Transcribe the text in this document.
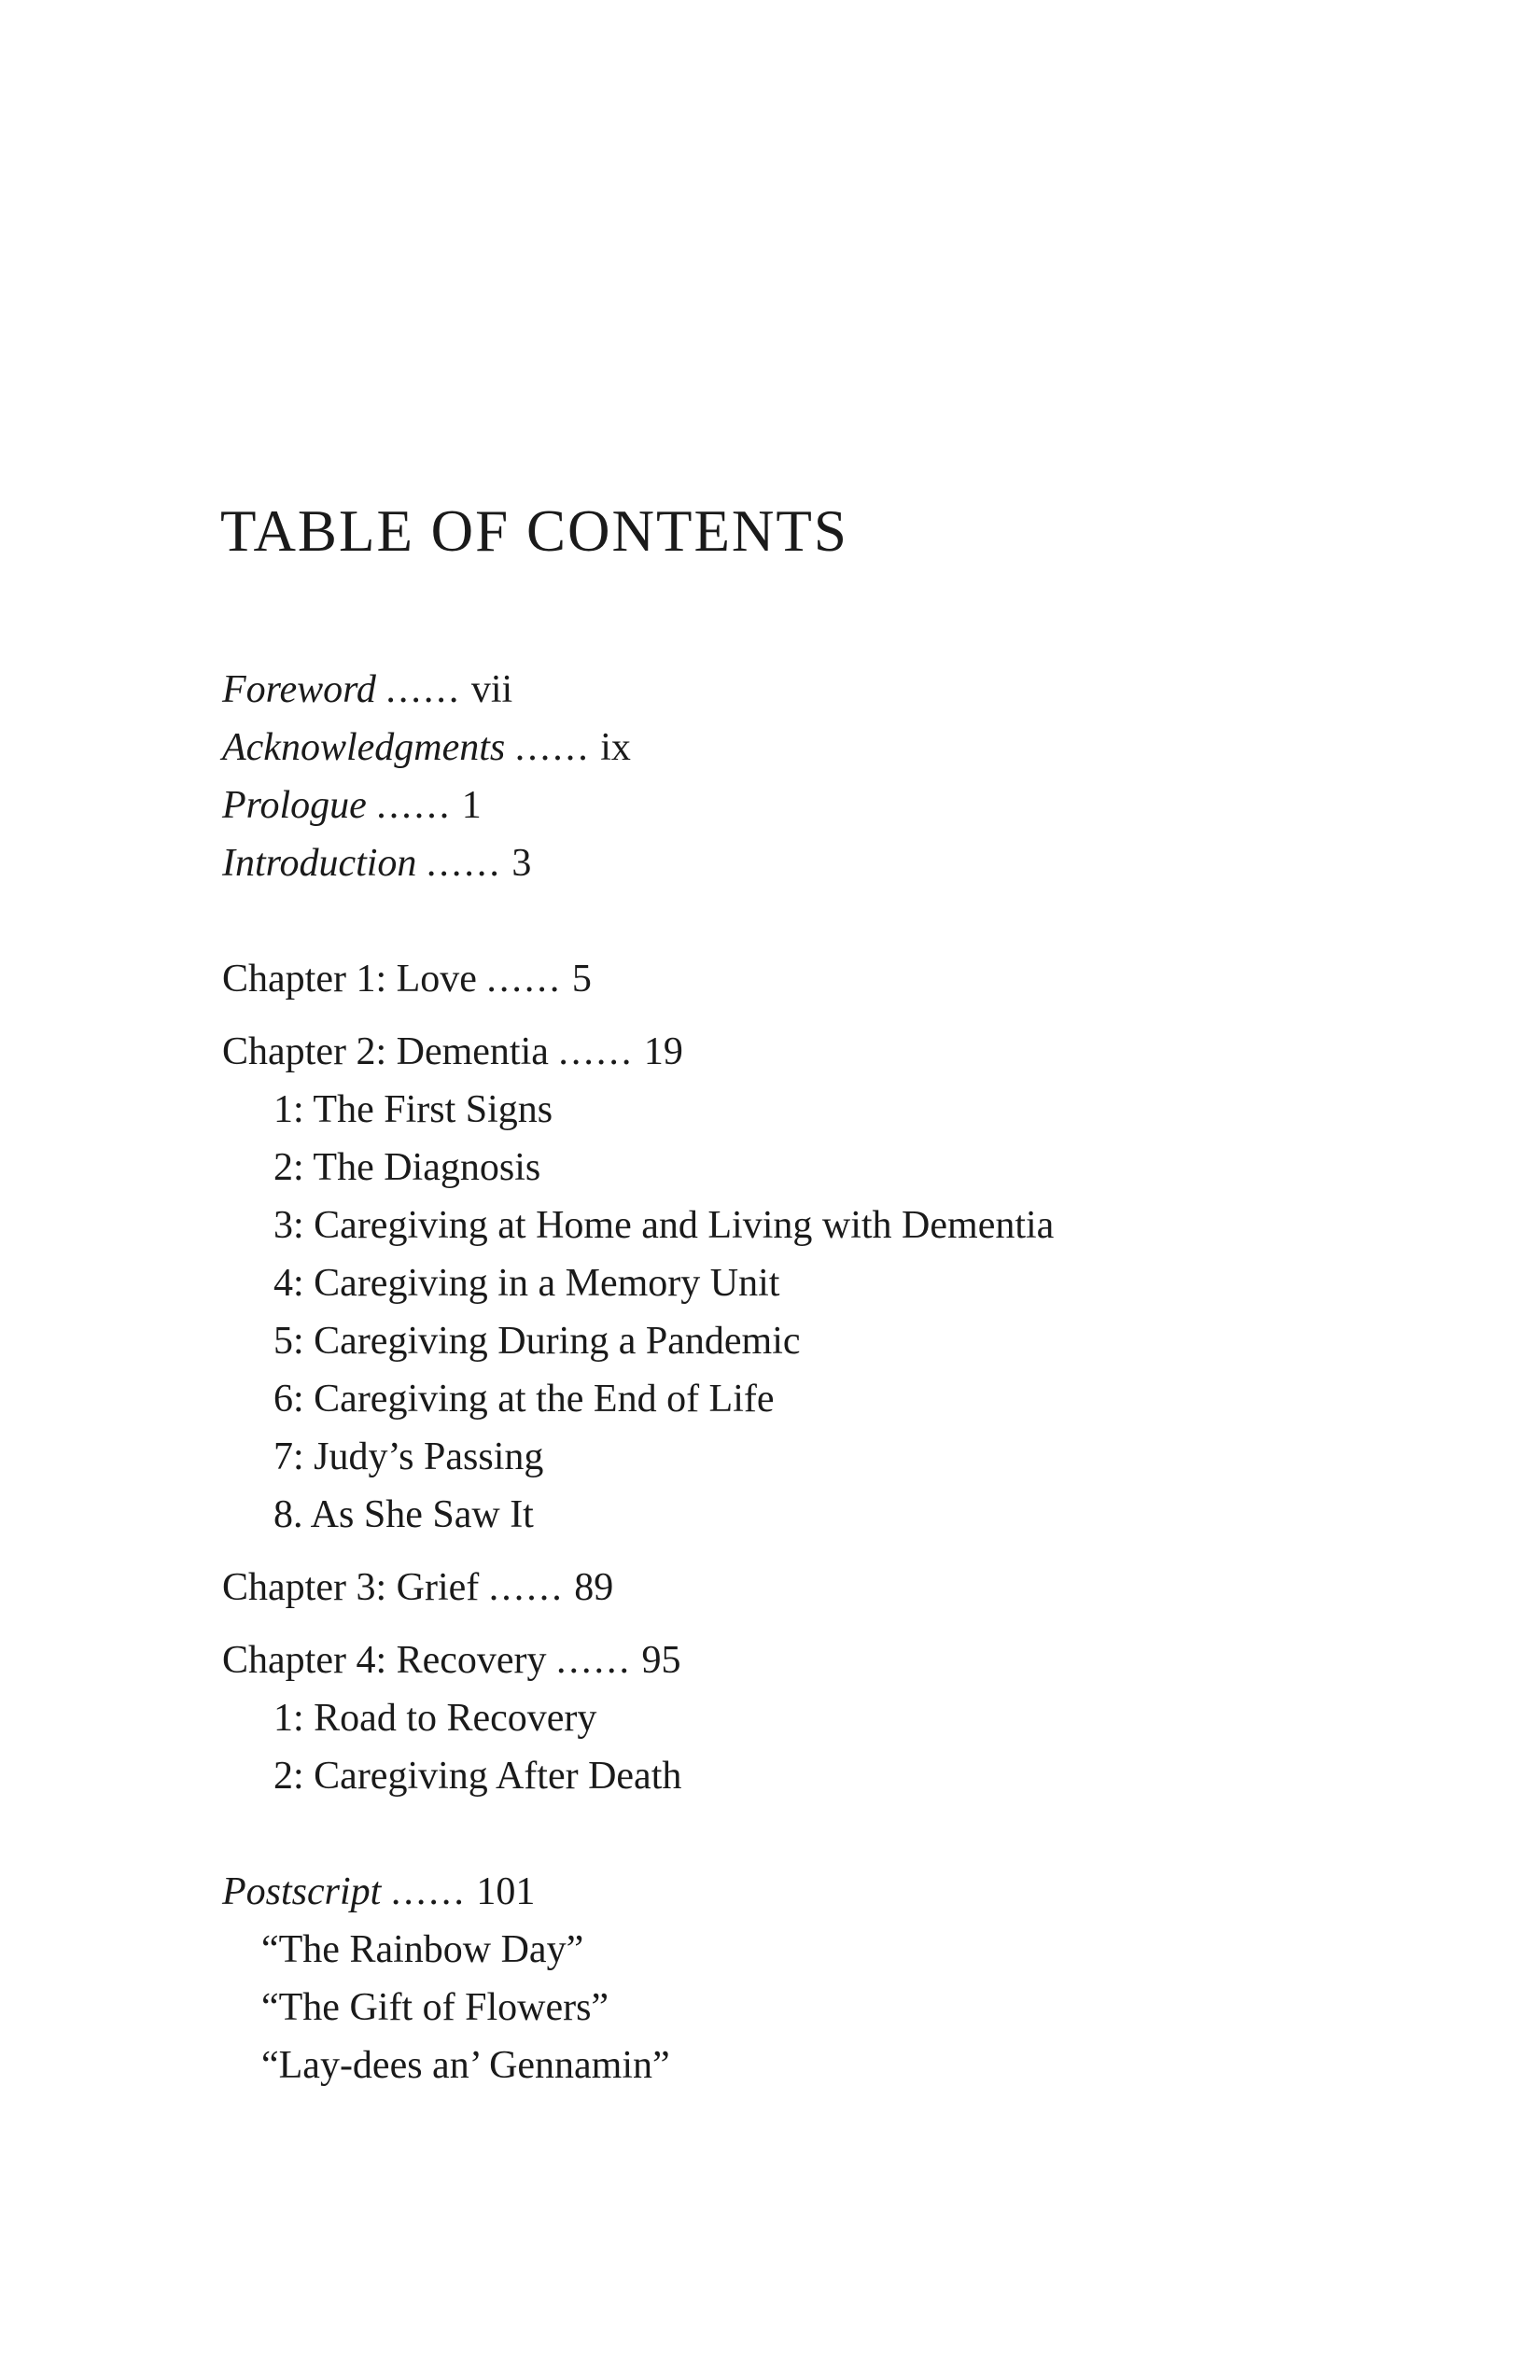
TABLE OF CONTENTS
Foreword ...... vii
Acknowledgments ...... ix
Prologue ...... 1
Introduction ...... 3
Chapter 1: Love ...... 5
Chapter 2: Dementia ...... 19
1: The First Signs
2: The Diagnosis
3: Caregiving at Home and Living with Dementia
4: Caregiving in a Memory Unit
5: Caregiving During a Pandemic
6: Caregiving at the End of Life
7: Judy’s Passing
8. As She Saw It
Chapter 3: Grief ...... 89
Chapter 4: Recovery ...... 95
1: Road to Recovery
2: Caregiving After Death
Postscript ...... 101
“The Rainbow Day”
“The Gift of Flowers”
“Lay-dees an’ Gennamin”
